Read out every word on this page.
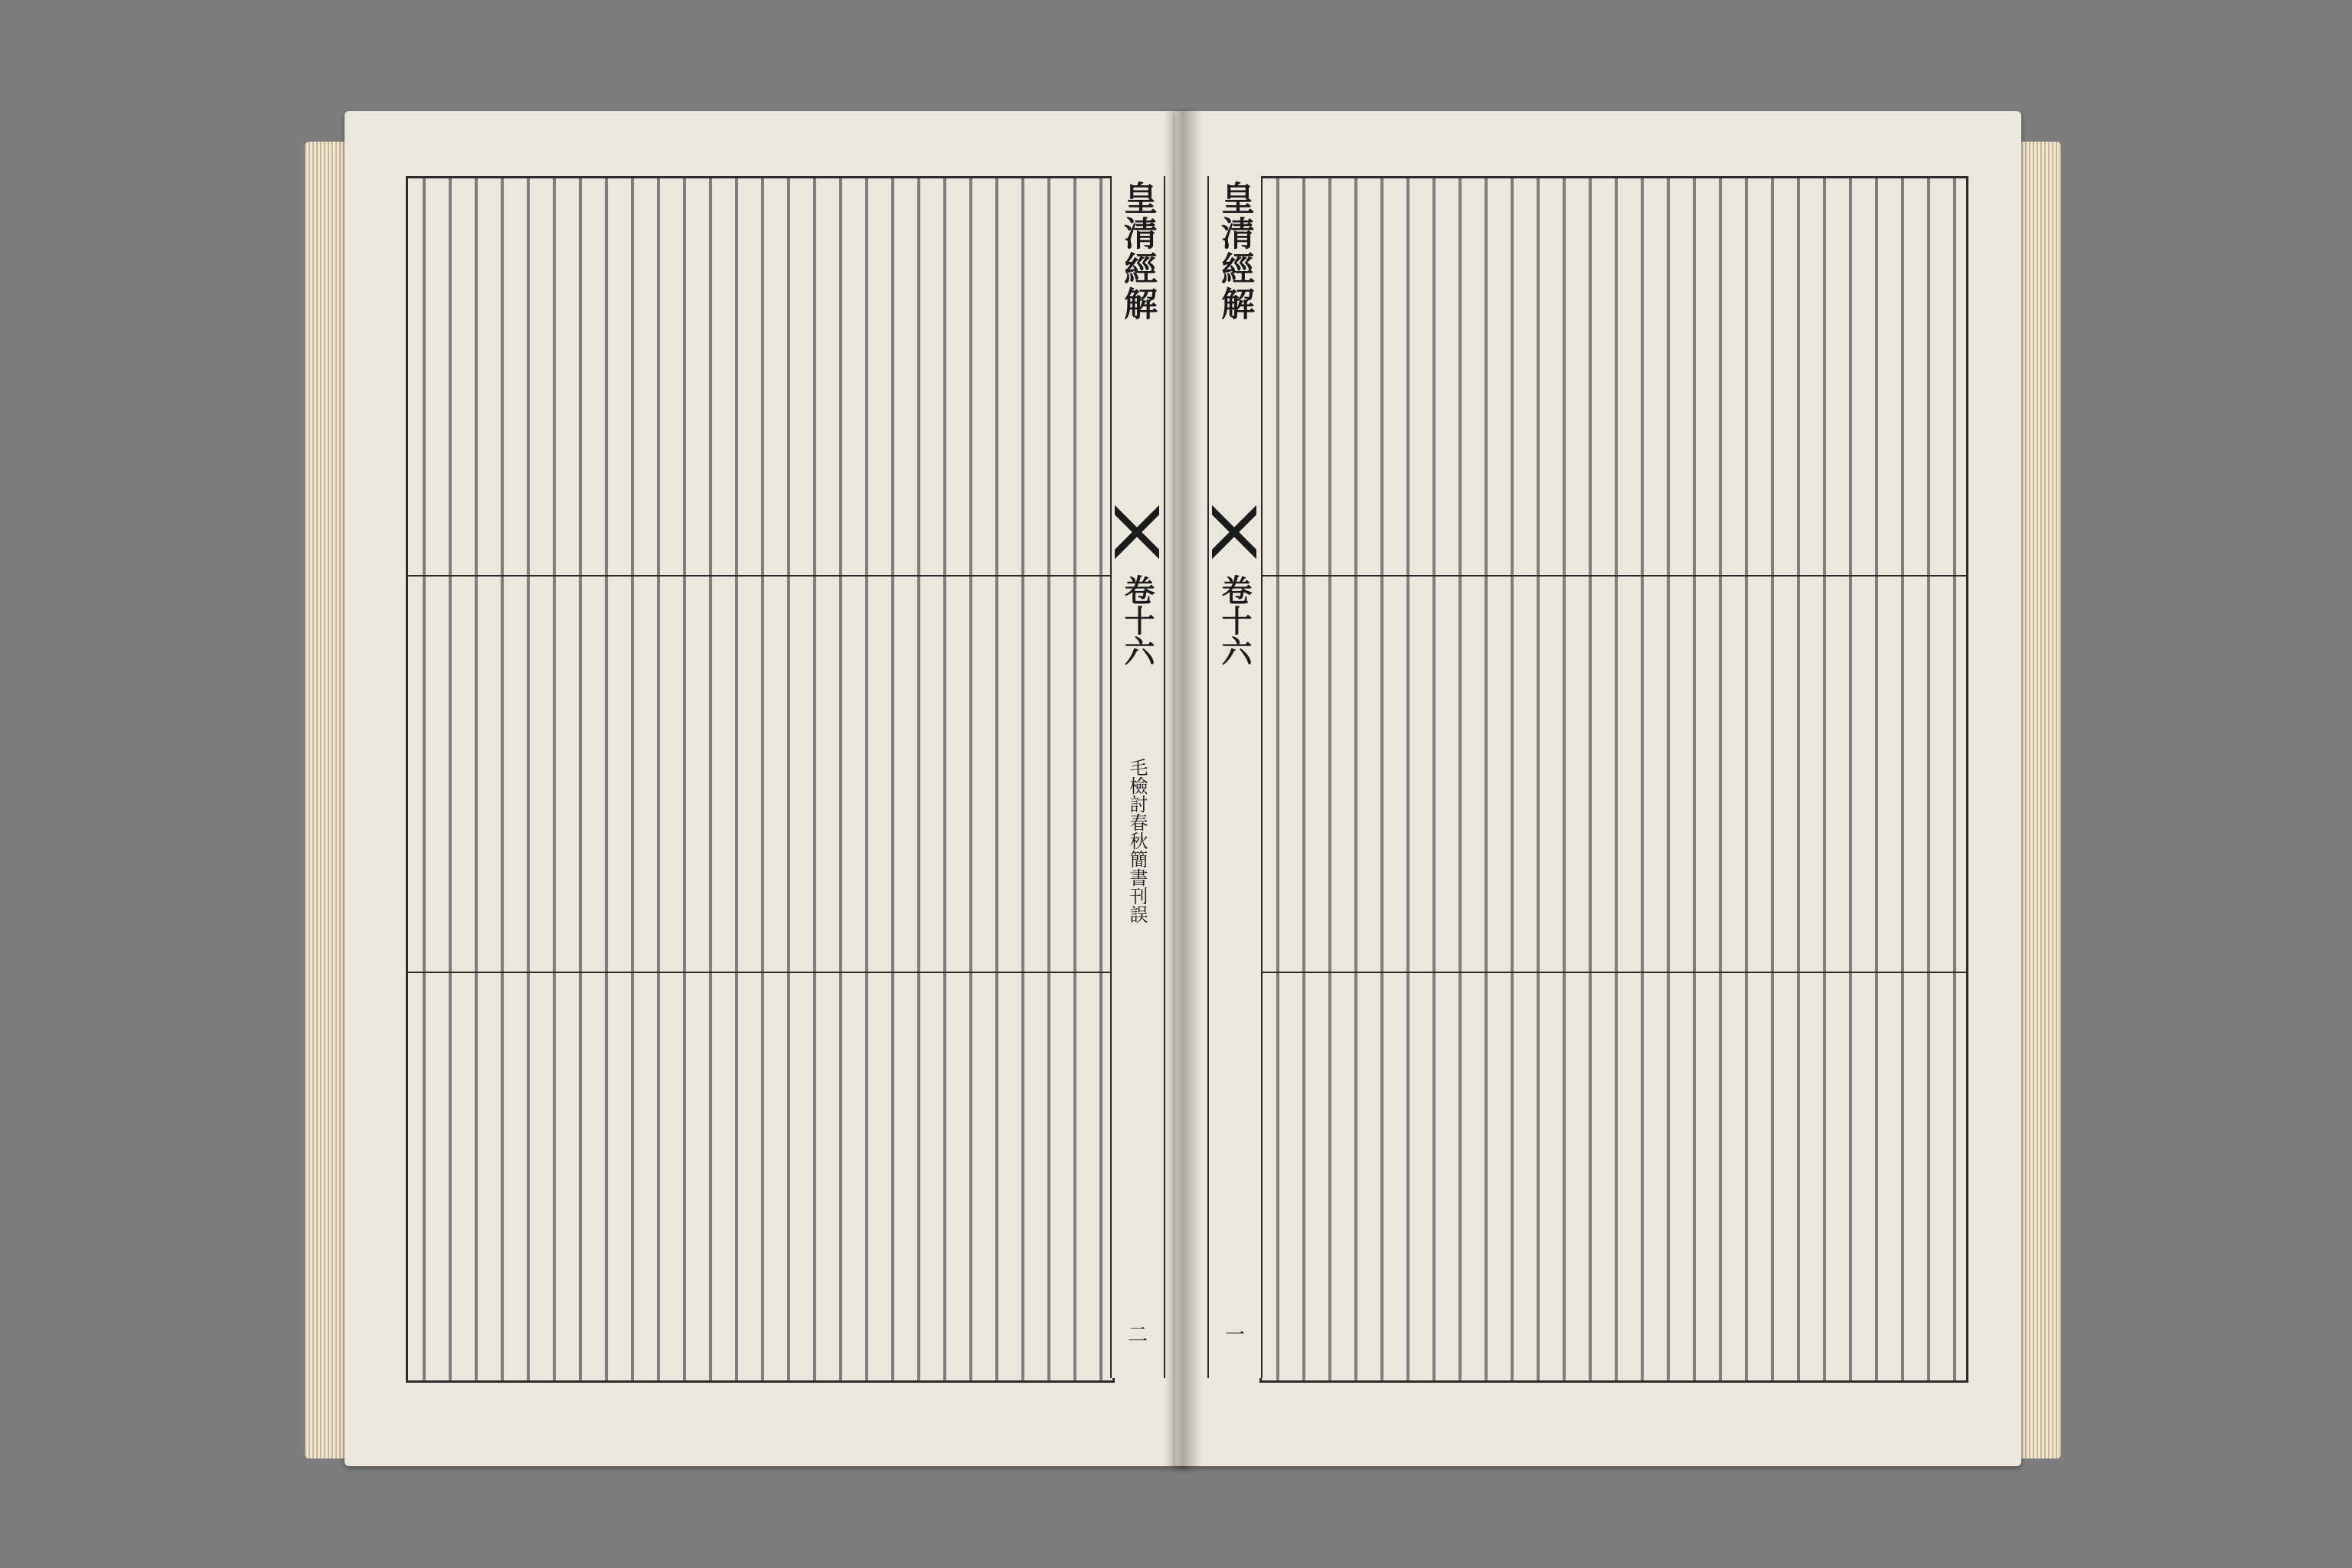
皇清經解
卷十六
毛檢討春秋簡書刊誤
二
皇清經解
卷十六
一
